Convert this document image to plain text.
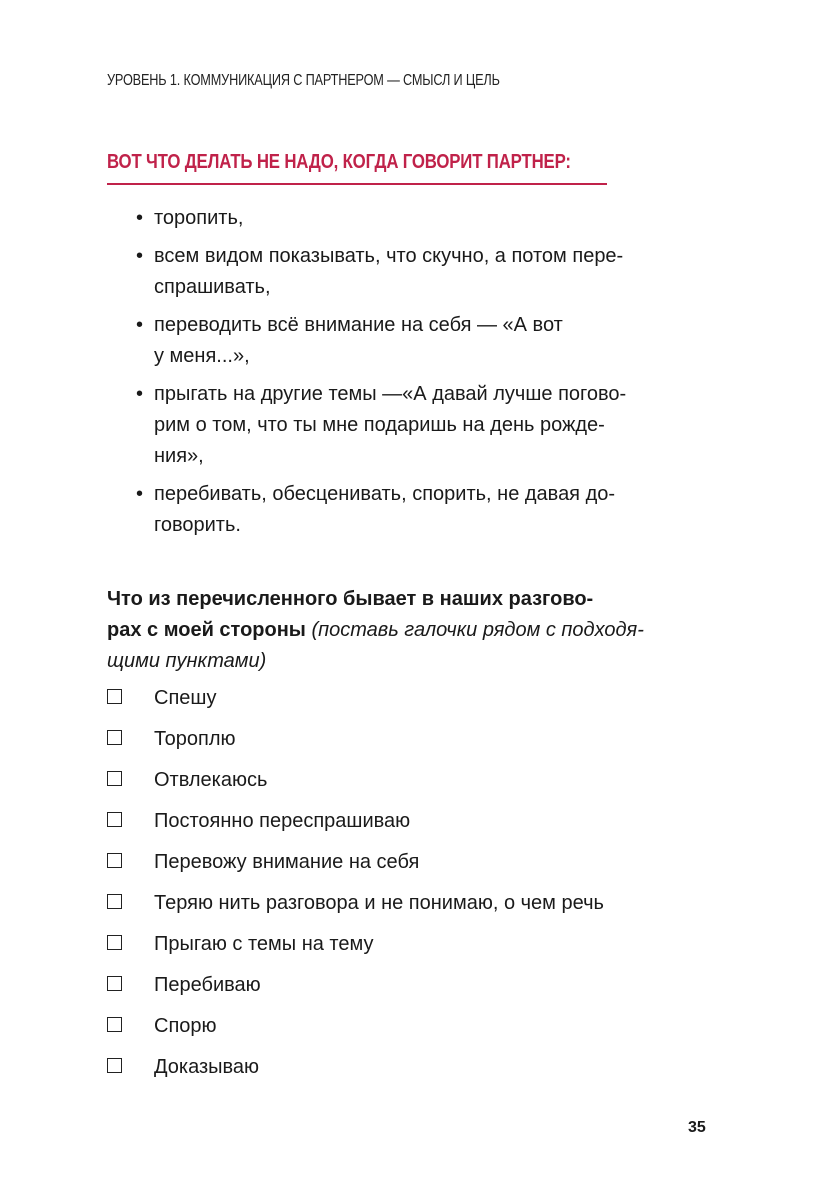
УРОВЕНЬ 1. КОММУНИКАЦИЯ С ПАРТНЕРОМ — СМЫСЛ И ЦЕЛЬ
ВОТ ЧТО ДЕЛАТЬ НЕ НАДО, КОГДА ГОВОРИТ ПАРТНЕР:
• торопить,
• всем видом показывать, что скучно, а потом пере-
спрашивать,
• переводить всё внимание на себя — «А вот
у меня...»,
• прыгать на другие темы —«А давай лучше погово-
рим о том, что ты мне подаришь на день рожде-
ния»,
• перебивать, обесценивать, спорить, не давая до-
говорить.
Что из перечисленного бывает в наших разгово-
рах с моей стороны (поставь галочки рядом с подходя-
щими пунктами)
Спешу
Тороплю
Отвлекаюсь
Постоянно переспрашиваю
Перевожу внимание на себя
Теряю нить разговора и не понимаю, о чем речь
Прыгаю с темы на тему
Перебиваю
Спорю
Доказываю
35
